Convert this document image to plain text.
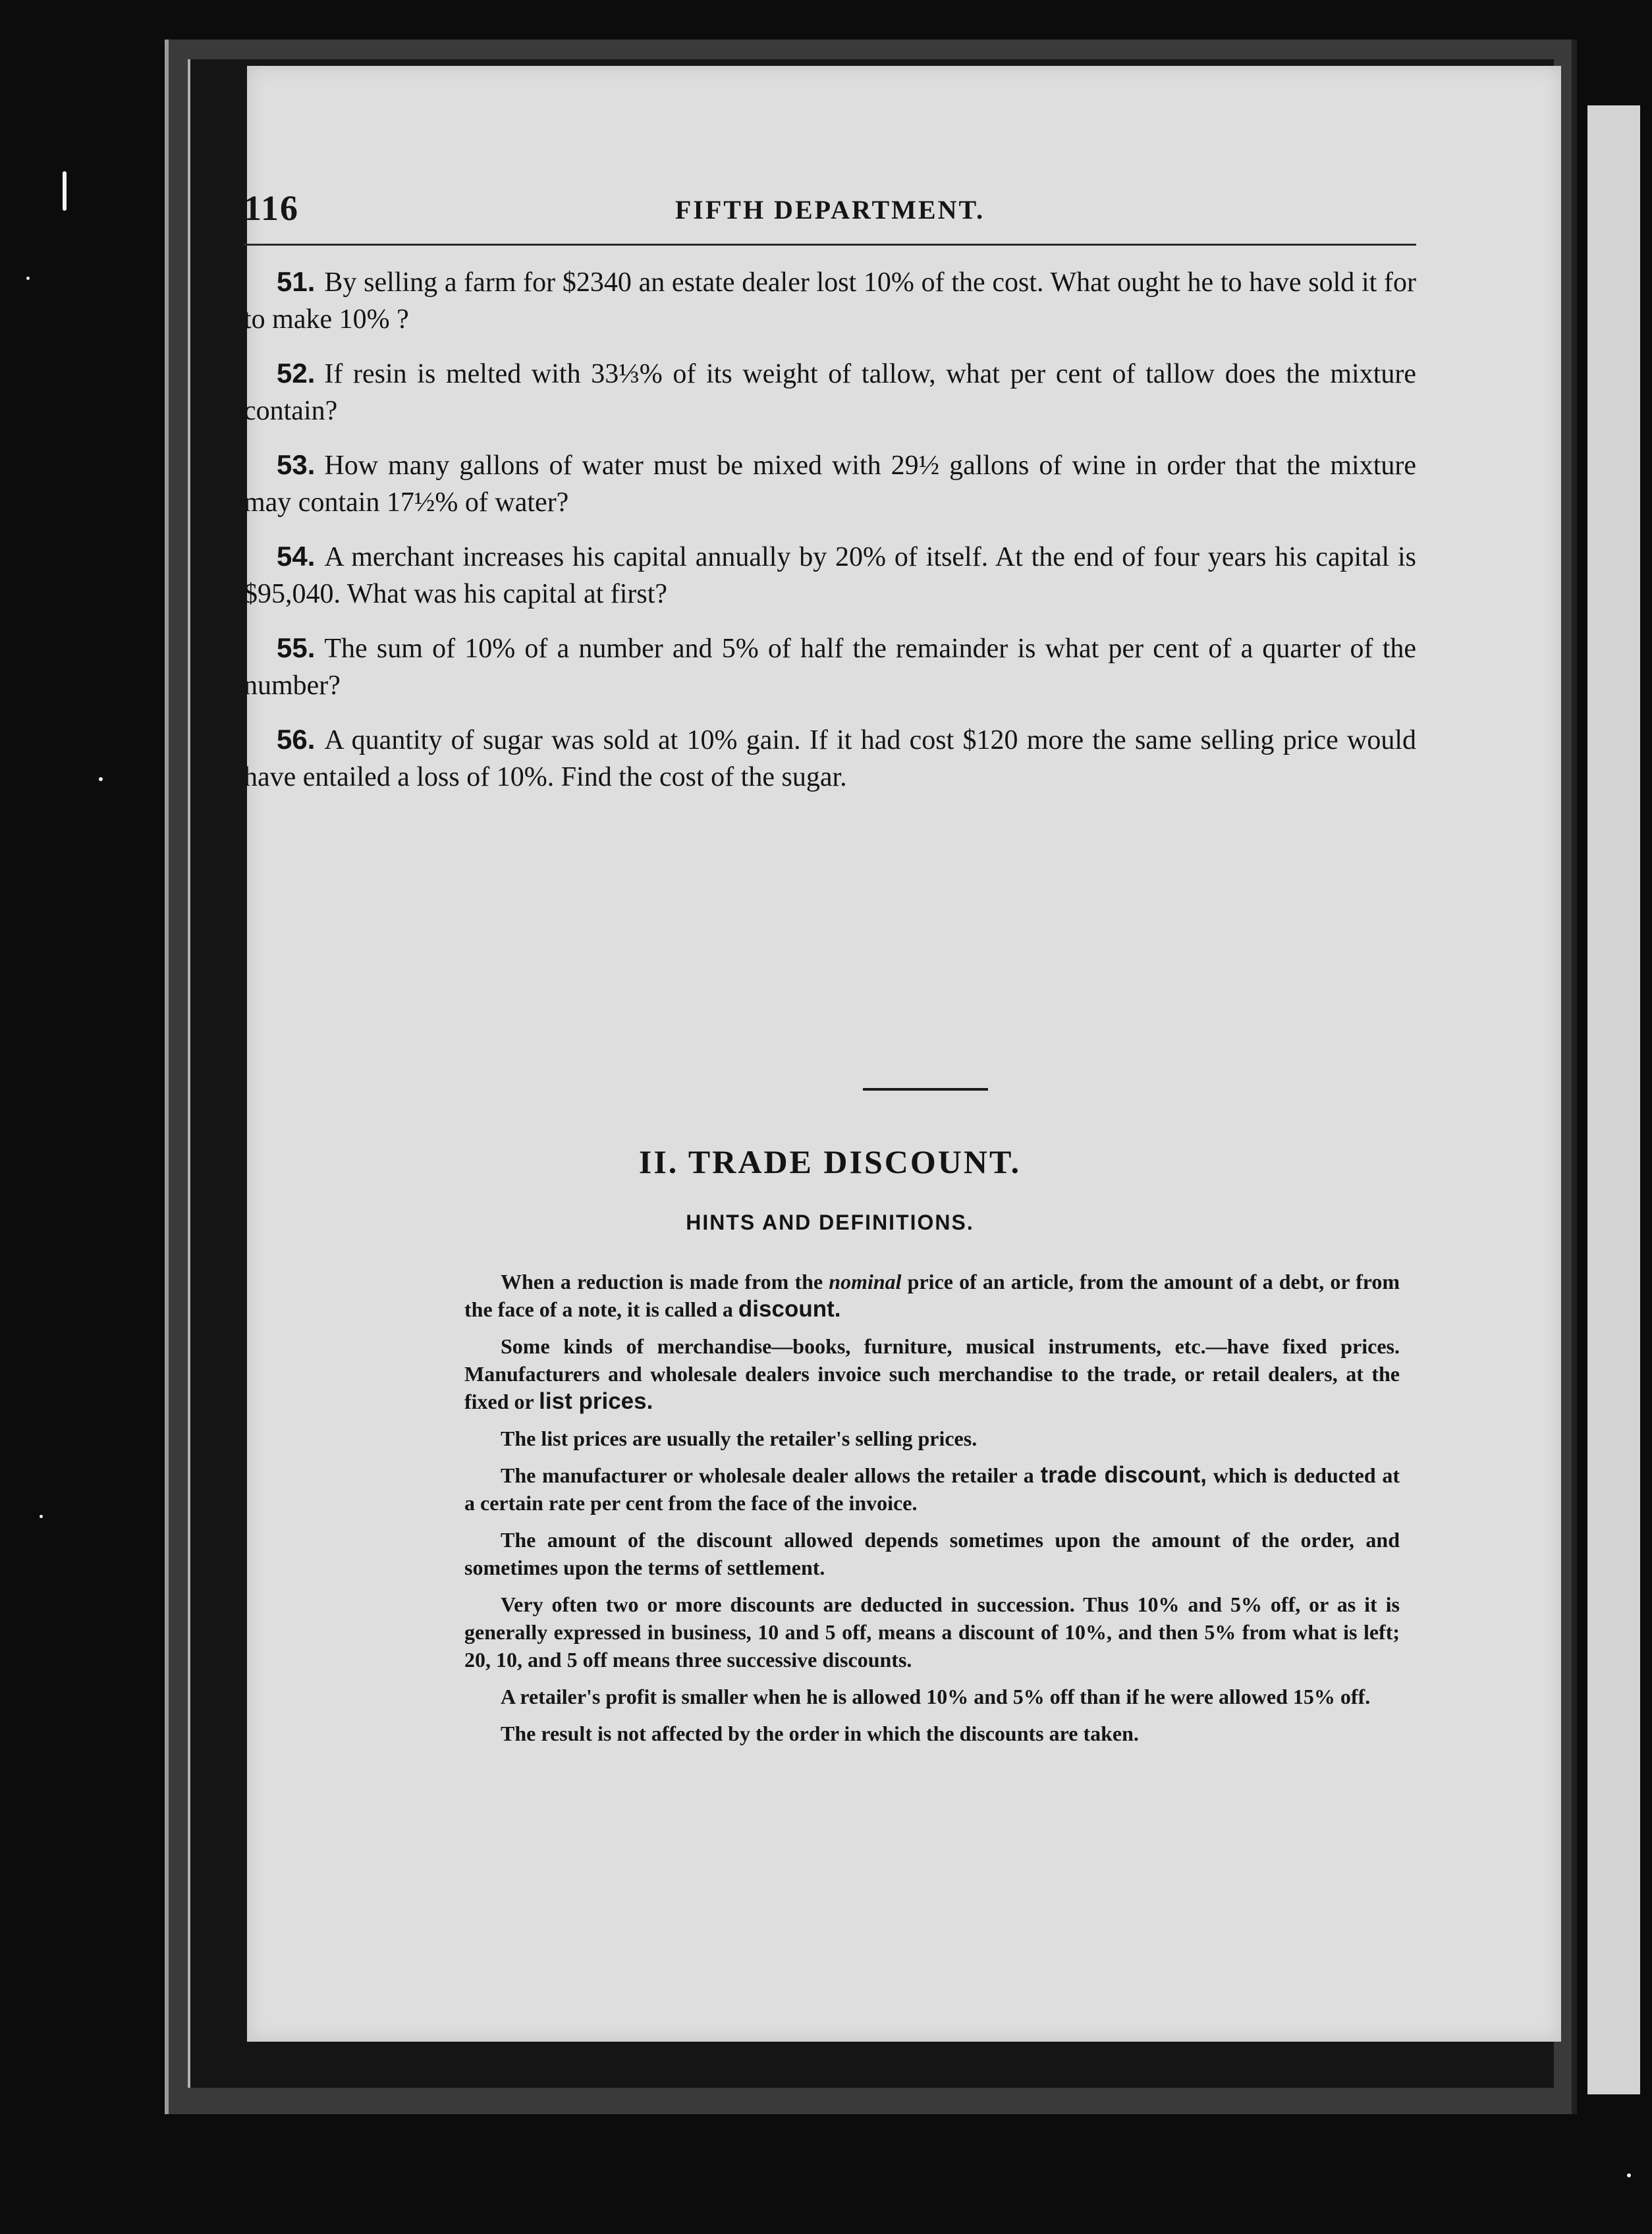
116	FIFTH DEPARTMENT.

51. By selling a farm for $2340 an estate dealer lost 10% of the cost. What ought he to have sold it for to make 10% ?

52. If resin is melted with 33⅓% of its weight of tallow, what per cent of tallow does the mixture contain?

53. How many gallons of water must be mixed with 29½ gallons of wine in order that the mixture may contain 17½% of water?

54. A merchant increases his capital annually by 20% of itself. At the end of four years his capital is $95,040. What was his capital at first?

55. The sum of 10% of a number and 5% of half the remainder is what per cent of a quarter of the number?

56. A quantity of sugar was sold at 10% gain. If it had cost $120 more the same selling price would have entailed a loss of 10%. Find the cost of the sugar.

II. TRADE DISCOUNT.
HINTS AND DEFINITIONS.

When a reduction is made from the nominal price of an article, from the amount of a debt, or from the face of a note, it is called a discount.

Some kinds of merchandise—books, furniture, musical instruments, etc.—have fixed prices. Manufacturers and wholesale dealers invoice such merchandise to the trade, or retail dealers, at the fixed or list prices.

The list prices are usually the retailer's selling prices.

The manufacturer or wholesale dealer allows the retailer a trade discount, which is deducted at a certain rate per cent from the face of the invoice.

The amount of the discount allowed depends sometimes upon the amount of the order, and sometimes upon the terms of settlement.

Very often two or more discounts are deducted in succession. Thus 10% and 5% off, or as it is generally expressed in business, 10 and 5 off, means a discount of 10%, and then 5% from what is left; 20, 10, and 5 off means three successive discounts.

A retailer's profit is smaller when he is allowed 10% and 5% off than if he were allowed 15% off.

The result is not affected by the order in which the discounts are taken.
